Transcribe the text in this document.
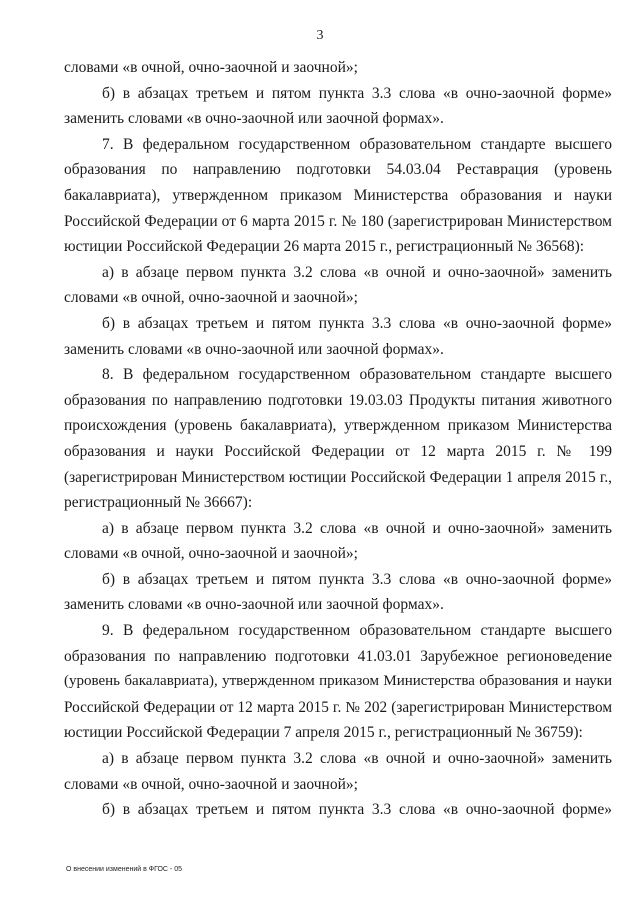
3
словами «в очной, очно-заочной и заочной»;
б) в абзацах третьем и пятом пункта 3.3 слова «в очно-заочной форме»
заменить словами «в очно-заочной или заочной формах».
7. В федеральном государственном образовательном стандарте высшего
образования по направлению подготовки 54.03.04 Реставрация (уровень
бакалавриата), утвержденном приказом Министерства образования и науки
Российской Федерации от 6 марта 2015 г. № 180 (зарегистрирован Министерством
юстиции Российской Федерации 26 марта 2015 г., регистрационный № 36568):
а) в абзаце первом пункта 3.2 слова «в очной и очно-заочной» заменить
словами «в очной, очно-заочной и заочной»;
б) в абзацах третьем и пятом пункта 3.3 слова «в очно-заочной форме»
заменить словами «в очно-заочной или заочной формах».
8. В федеральном государственном образовательном стандарте высшего
образования по направлению подготовки 19.03.03 Продукты питания животного
происхождения (уровень бакалавриата), утвержденном приказом Министерства
образования и науки Российской Федерации от 12 марта 2015 г. № 199
(зарегистрирован Министерством юстиции Российской Федерации 1 апреля 2015 г.,
регистрационный № 36667):
а) в абзаце первом пункта 3.2 слова «в очной и очно-заочной» заменить
словами «в очной, очно-заочной и заочной»;
б) в абзацах третьем и пятом пункта 3.3 слова «в очно-заочной форме»
заменить словами «в очно-заочной или заочной формах».
9. В федеральном государственном образовательном стандарте высшего
образования по направлению подготовки 41.03.01 Зарубежное регионоведение
(уровень бакалавриата), утвержденном приказом Министерства образования и науки
Российской Федерации от 12 марта 2015 г. № 202 (зарегистрирован Министерством
юстиции Российской Федерации 7 апреля 2015 г., регистрационный № 36759):
а) в абзаце первом пункта 3.2 слова «в очной и очно-заочной» заменить
словами «в очной, очно-заочной и заочной»;
б) в абзацах третьем и пятом пункта 3.3 слова «в очно-заочной форме»
О внесении изменений в ФГОС - 05
